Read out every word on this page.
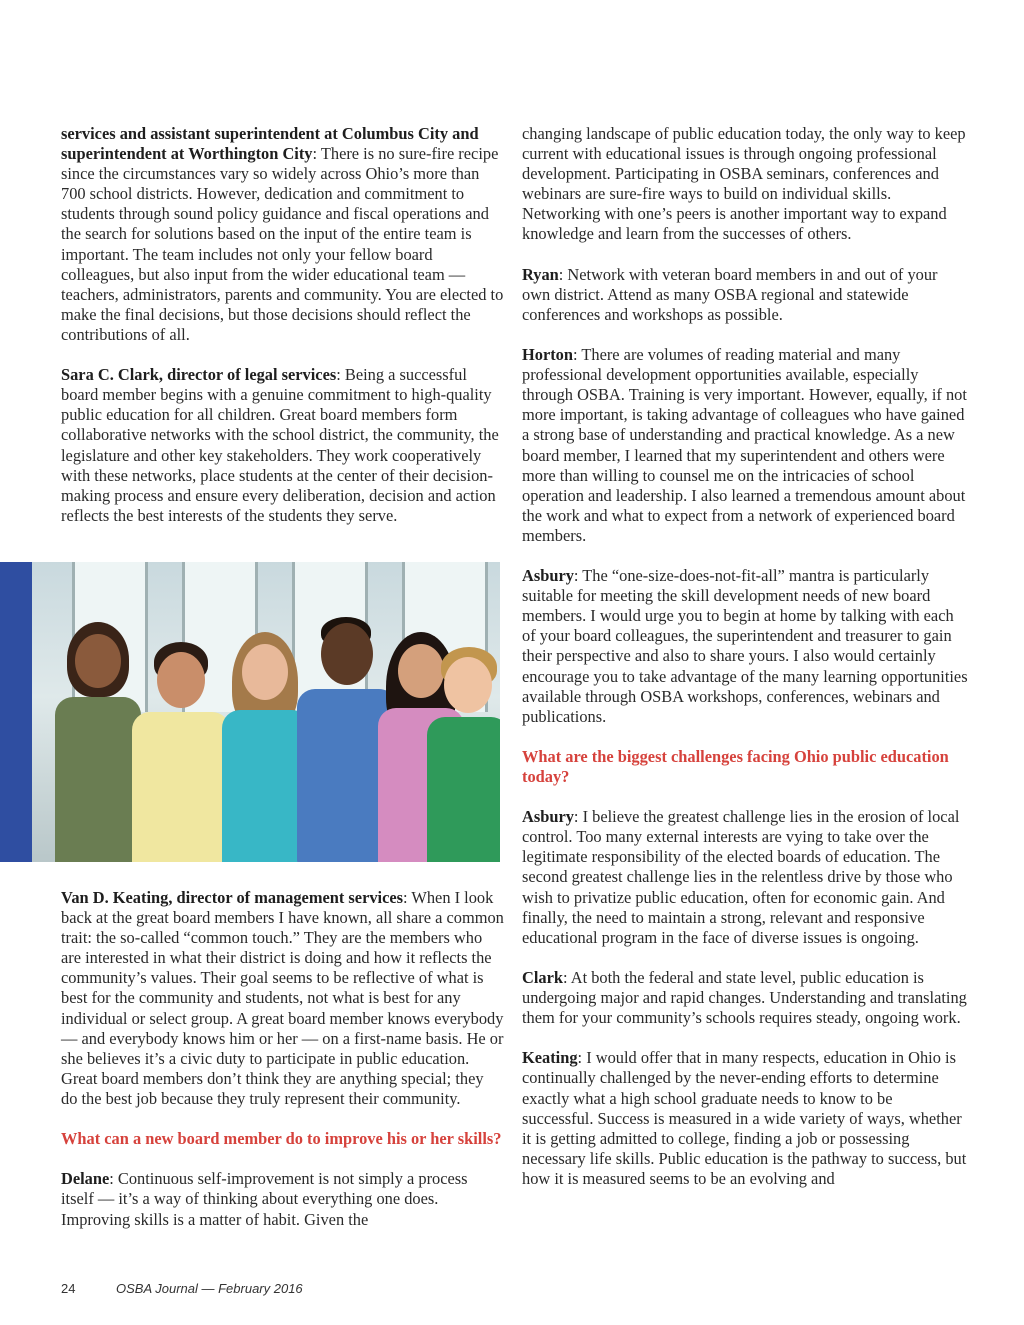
services and assistant superintendent at Columbus City and superintendent at Worthington City: There is no sure-fire recipe since the circumstances vary so widely across Ohio’s more than 700 school districts. However, dedication and commitment to students through sound policy guidance and fiscal operations and the search for solutions based on the input of the entire team is important. The team includes not only your fellow board colleagues, but also input from the wider educational team — teachers, administrators, parents and community. You are elected to make the final decisions, but those decisions should reflect the contributions of all.

Sara C. Clark, director of legal services: Being a successful board member begins with a genuine commitment to high-quality public education for all children. Great board members form collaborative networks with the school district, the community, the legislature and other key stakeholders. They work cooperatively with these networks, place students at the center of their decision-making process and ensure every deliberation, decision and action reflects the best interests of the students they serve.

Van D. Keating, director of management services: When I look back at the great board members I have known, all share a common trait: the so-called “common touch.” They are the members who are interested in what their district is doing and how it reflects the community’s values. Their goal seems to be reflective of what is best for the community and students, not what is best for any individual or select group. A great board member knows everybody — and everybody knows him or her — on a first-name basis. He or she believes it’s a civic duty to participate in public education. Great board members don’t think they are anything special; they do the best job because they truly represent their community.

What can a new board member do to improve his or her skills?

Delane: Continuous self-improvement is not simply a process itself — it’s a way of thinking about everything one does. Improving skills is a matter of habit. Given the

changing landscape of public education today, the only way to keep current with educational issues is through ongoing professional development. Participating in OSBA seminars, conferences and webinars are sure-fire ways to build on individual skills. Networking with one’s peers is another important way to expand knowledge and learn from the successes of others.

Ryan: Network with veteran board members in and out of your own district. Attend as many OSBA regional and statewide conferences and workshops as possible.

Horton: There are volumes of reading material and many professional development opportunities available, especially through OSBA. Training is very important. However, equally, if not more important, is taking advantage of colleagues who have gained a strong base of understanding and practical knowledge. As a new board member, I learned that my superintendent and others were more than willing to counsel me on the intricacies of school operation and leadership. I also learned a tremendous amount about the work and what to expect from a network of experienced board members.

Asbury: The “one-size-does-not-fit-all” mantra is particularly suitable for meeting the skill development needs of new board members. I would urge you to begin at home by talking with each of your board colleagues, the superintendent and treasurer to gain their perspective and also to share yours. I also would certainly encourage you to take advantage of the many learning opportunities available through OSBA workshops, conferences, webinars and publications.

What are the biggest challenges facing Ohio public education today?

Asbury: I believe the greatest challenge lies in the erosion of local control. Too many external interests are vying to take over the legitimate responsibility of the elected boards of education. The second greatest challenge lies in the relentless drive by those who wish to privatize public education, often for economic gain. And finally, the need to maintain a strong, relevant and responsive educational program in the face of diverse issues is ongoing.

Clark: At both the federal and state level, public education is undergoing major and rapid changes. Understanding and translating them for your community’s schools requires steady, ongoing work.

Keating: I would offer that in many respects, education in Ohio is continually challenged by the never-ending efforts to determine exactly what a high school graduate needs to know to be successful. Success is measured in a wide variety of ways, whether it is getting admitted to college, finding a job or possessing necessary life skills. Public education is the pathway to success, but how it is measured seems to be an evolving and

24	OSBA Journal — February 2016
